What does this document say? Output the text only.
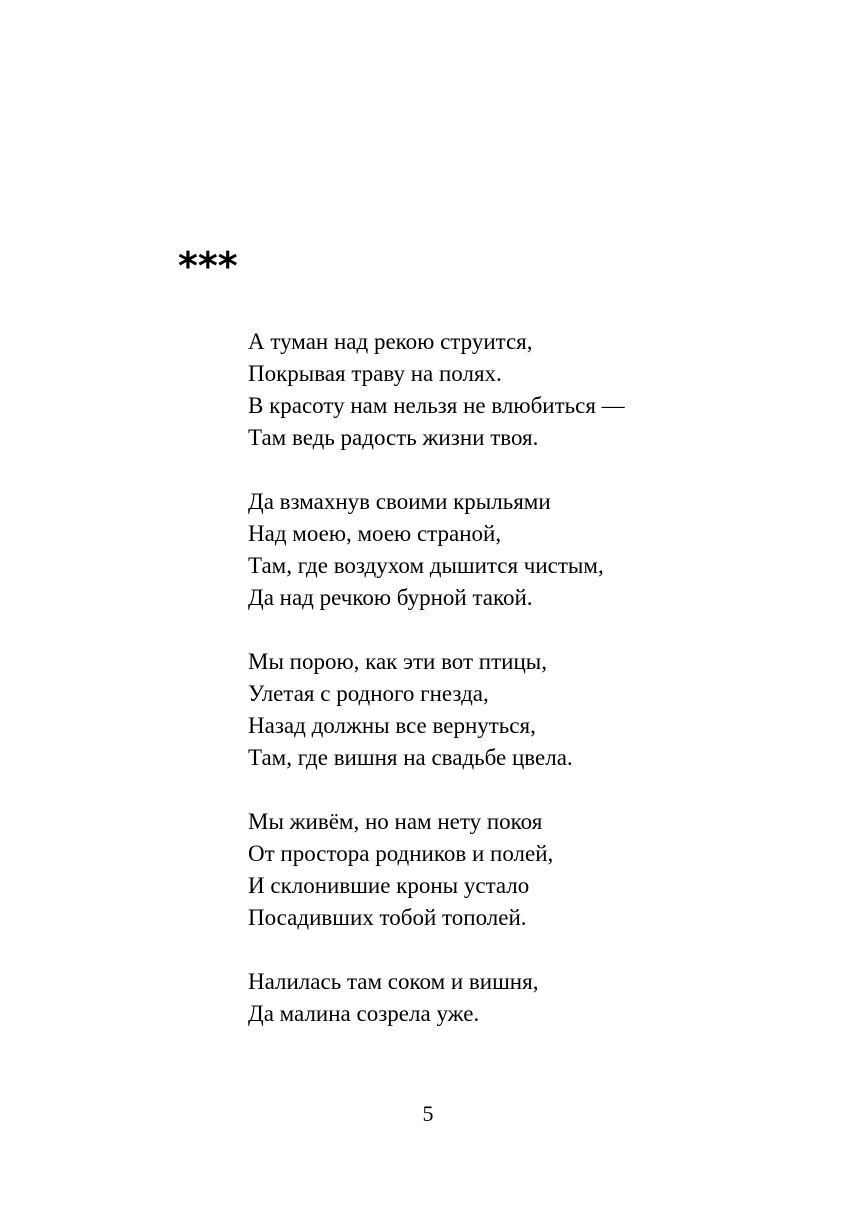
***
А туман над рекою струится,
Покрывая траву на полях.
В красоту нам нельзя не влюбиться —
Там ведь радость жизни твоя.
Да взмахнув своими крыльями
Над моею, моею страной,
Там, где воздухом дышится чистым,
Да над речкою бурной такой.
Мы порою, как эти вот птицы,
Улетая с родного гнезда,
Назад должны все вернуться,
Там, где вишня на свадьбе цвела.
Мы живём, но нам нету покоя
От простора родников и полей,
И склонившие кроны устало
Посадивших тобой тополей.
Налилась там соком и вишня,
Да малина созрела уже.
5
